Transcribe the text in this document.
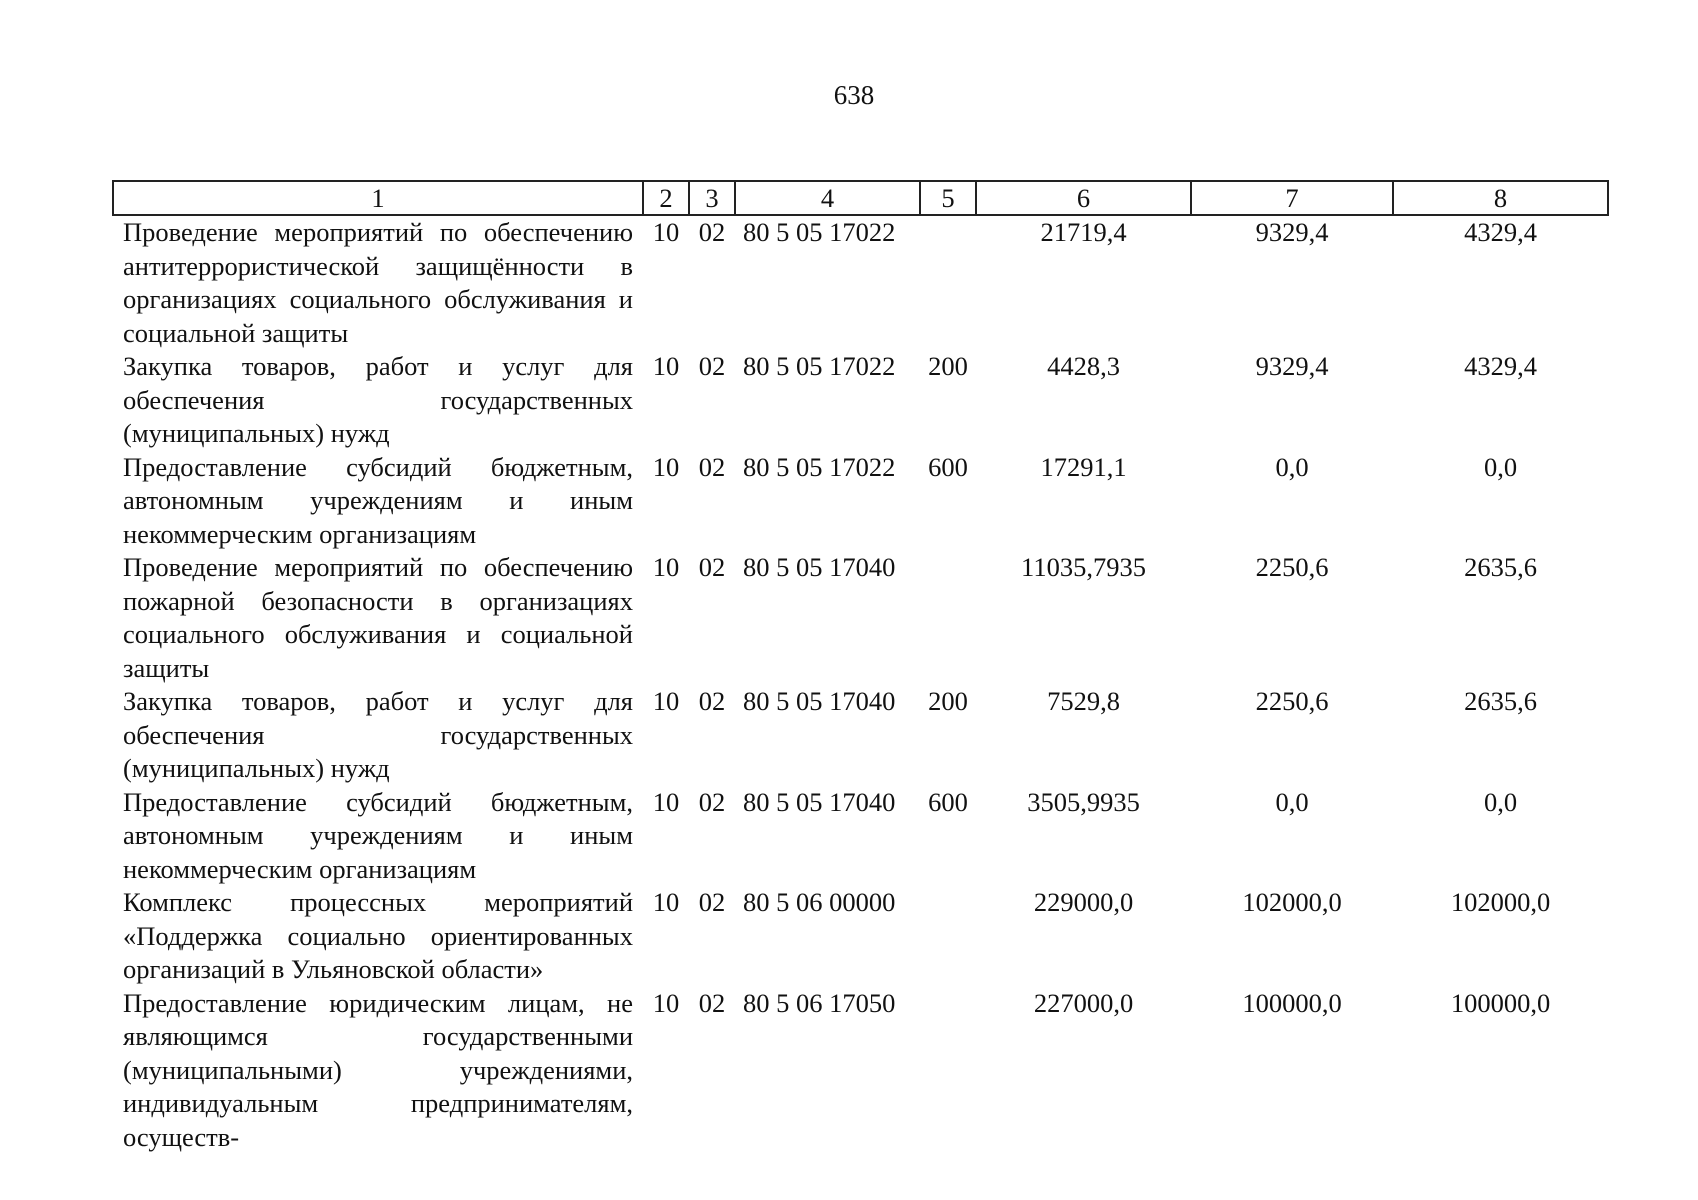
638
1	2	3	4	5	6	7	8
Проведение мероприятий по обеспечению антитеррористической защищённости в организациях социального обслуживания и социальной защиты	10	02	80 5 05 17022		21719,4	9329,4	4329,4
Закупка товаров, работ и услуг для обеспечения государственных (муниципальных) нужд	10	02	80 5 05 17022	200	4428,3	9329,4	4329,4
Предоставление субсидий бюджетным, автономным учреждениям и иным некоммерческим организациям	10	02	80 5 05 17022	600	17291,1	0,0	0,0
Проведение мероприятий по обеспечению пожарной безопасности в организациях социального обслуживания и социальной защиты	10	02	80 5 05 17040		11035,7935	2250,6	2635,6
Закупка товаров, работ и услуг для обеспечения государственных (муниципальных) нужд	10	02	80 5 05 17040	200	7529,8	2250,6	2635,6
Предоставление субсидий бюджетным, автономным учреждениям и иным некоммерческим организациям	10	02	80 5 05 17040	600	3505,9935	0,0	0,0
Комплекс процессных мероприятий «Поддержка социально ориентированных организаций в Ульяновской области»	10	02	80 5 06 00000		229000,0	102000,0	102000,0
Предоставление юридическим лицам, не являющимся государственными (муниципальными) учреждениями, индивидуальным предпринимателям, осуществ-	10	02	80 5 06 17050		227000,0	100000,0	100000,0
